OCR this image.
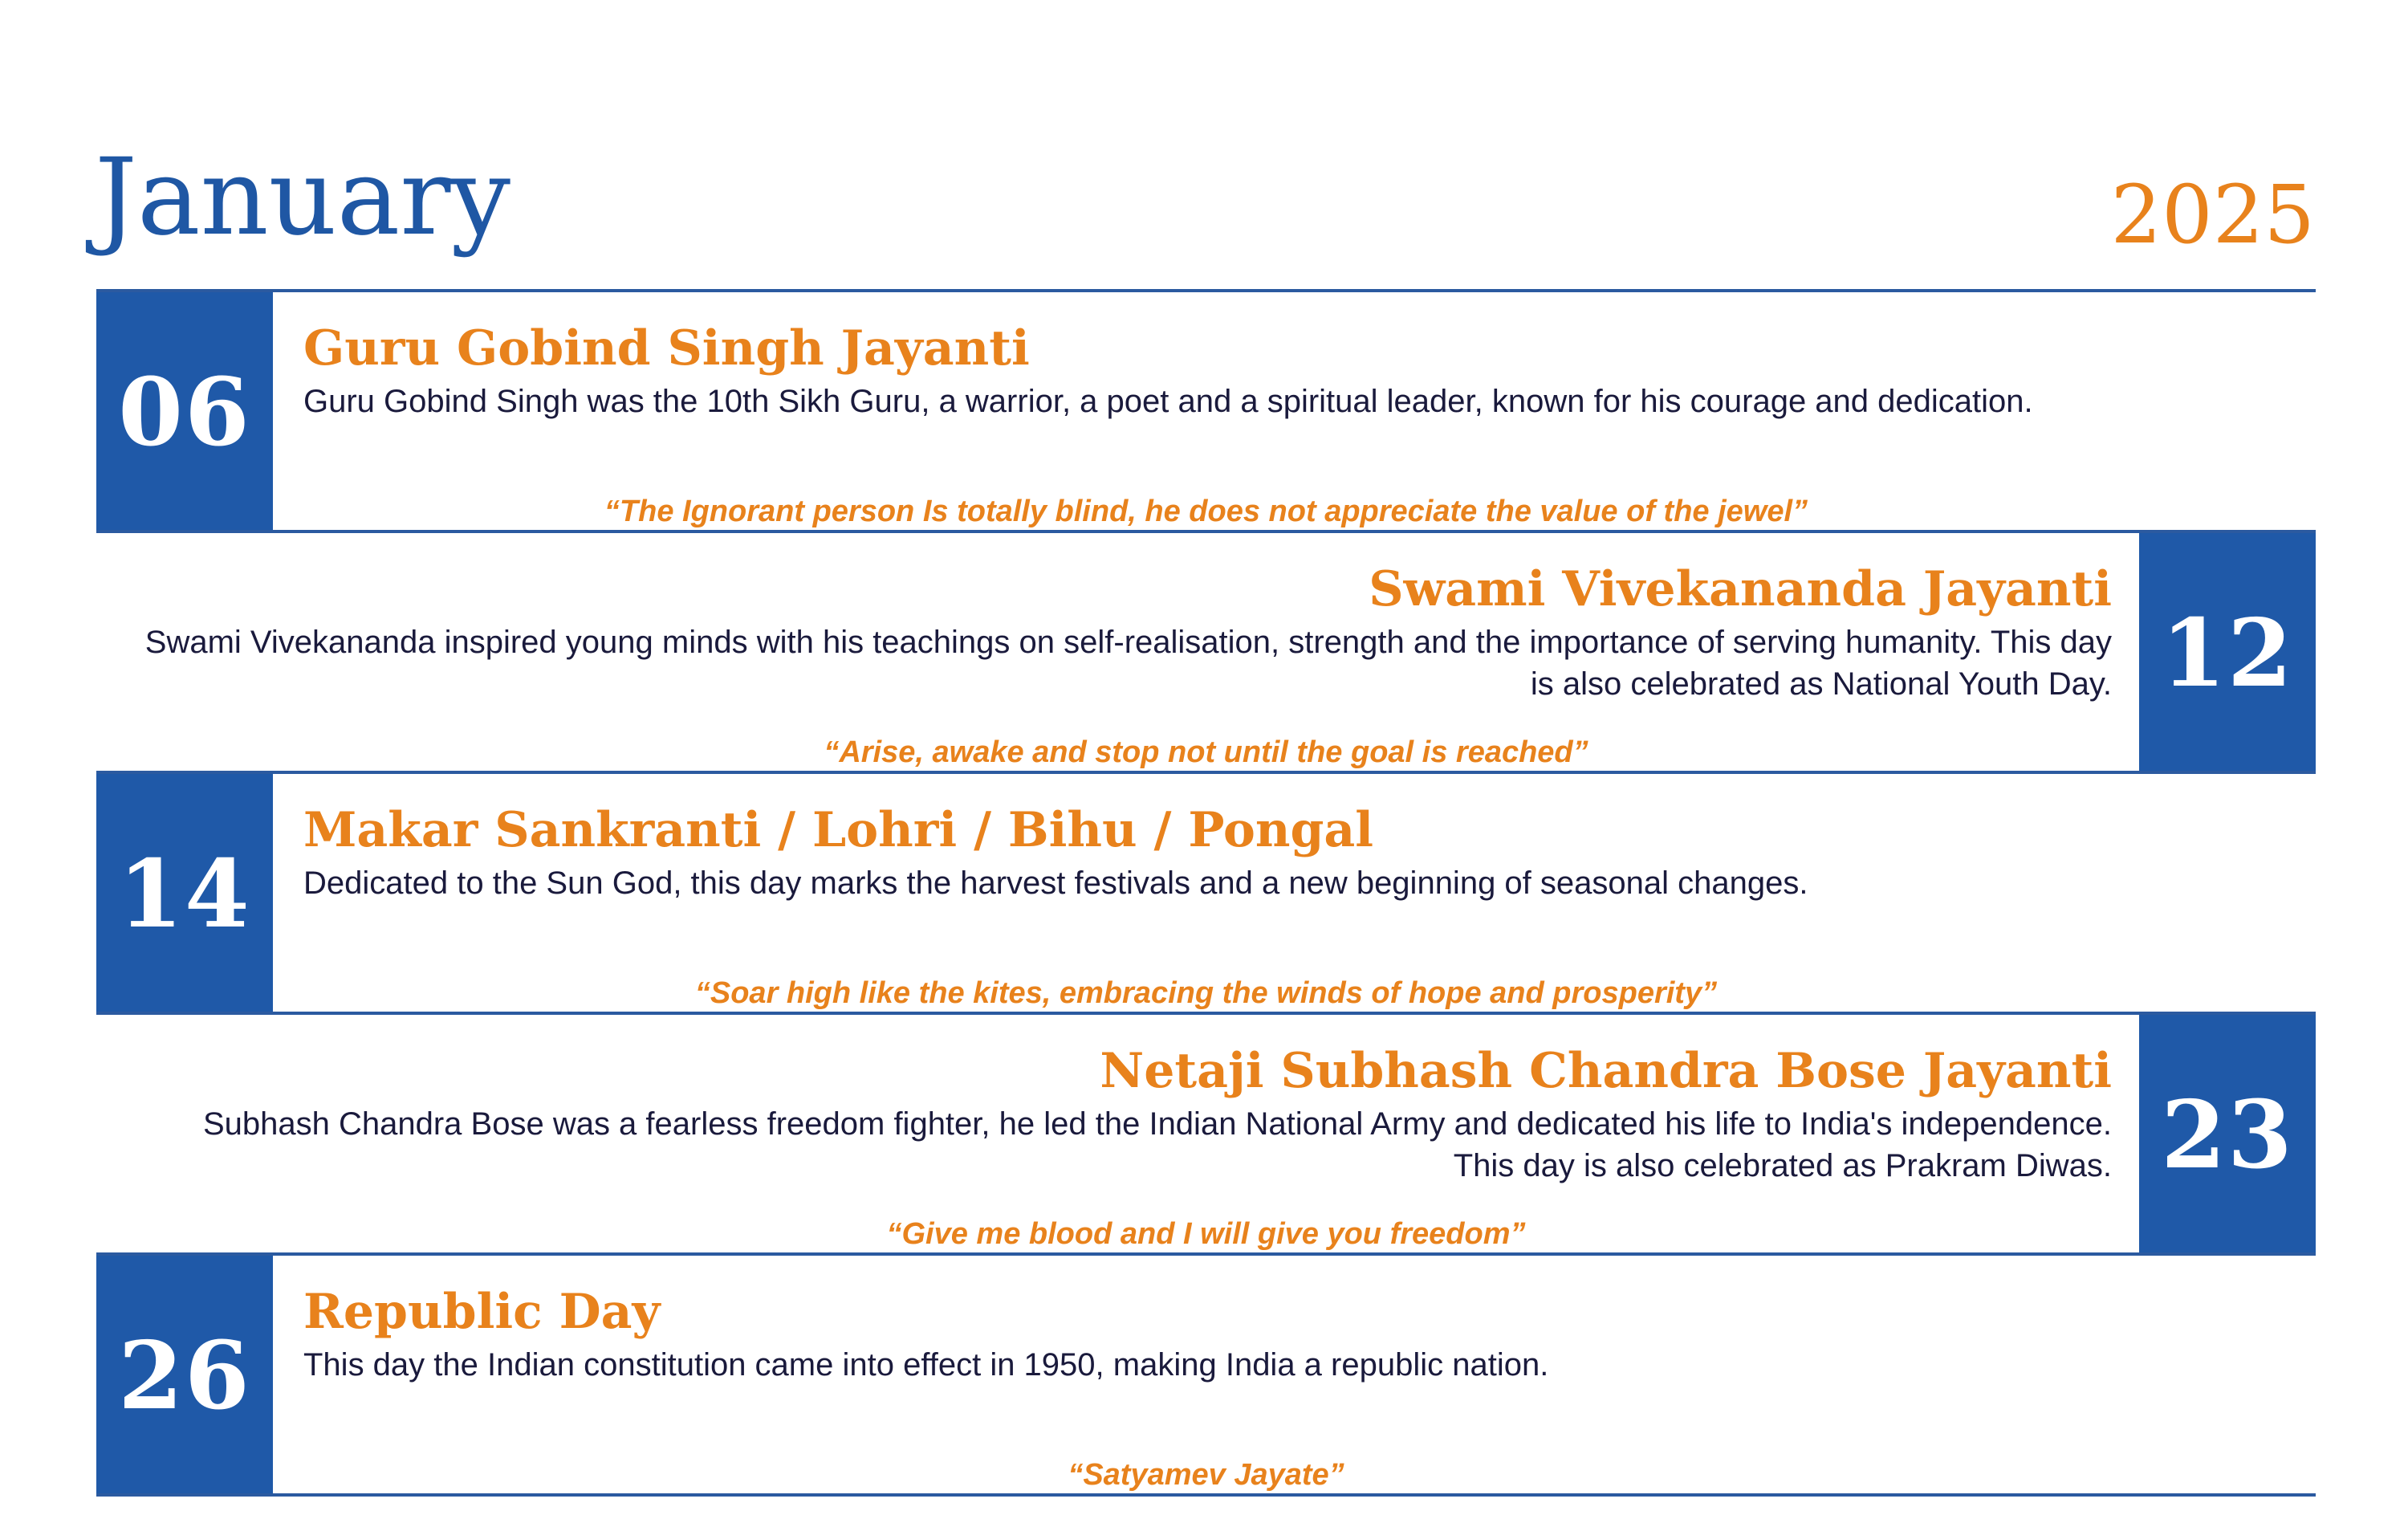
January	2025
06
Guru Gobind Singh Jayanti
Guru Gobind Singh was the 10th Sikh Guru, a warrior, a poet and a spiritual leader, known for his courage and dedication.
“The Ignorant person Is totally blind, he does not appreciate the value of the jewel”
12
Swami Vivekananda Jayanti
Swami Vivekananda inspired young minds with his teachings on self-realisation, strength and the importance of serving humanity. This day is also celebrated as National Youth Day.
“Arise, awake and stop not until the goal is reached”
14
Makar Sankranti / Lohri / Bihu / Pongal
Dedicated to the Sun God, this day marks the harvest festivals and a new beginning of seasonal changes.
“Soar high like the kites, embracing the winds of hope and prosperity”
23
Netaji Subhash Chandra Bose Jayanti
Subhash Chandra Bose was a fearless freedom fighter, he led the Indian National Army and dedicated his life to India's independence. This day is also celebrated as Prakram Diwas.
“Give me blood and I will give you freedom”
26
Republic Day
This day the Indian constitution came into effect in 1950, making India a republic nation.
“Satyamev Jayate”
